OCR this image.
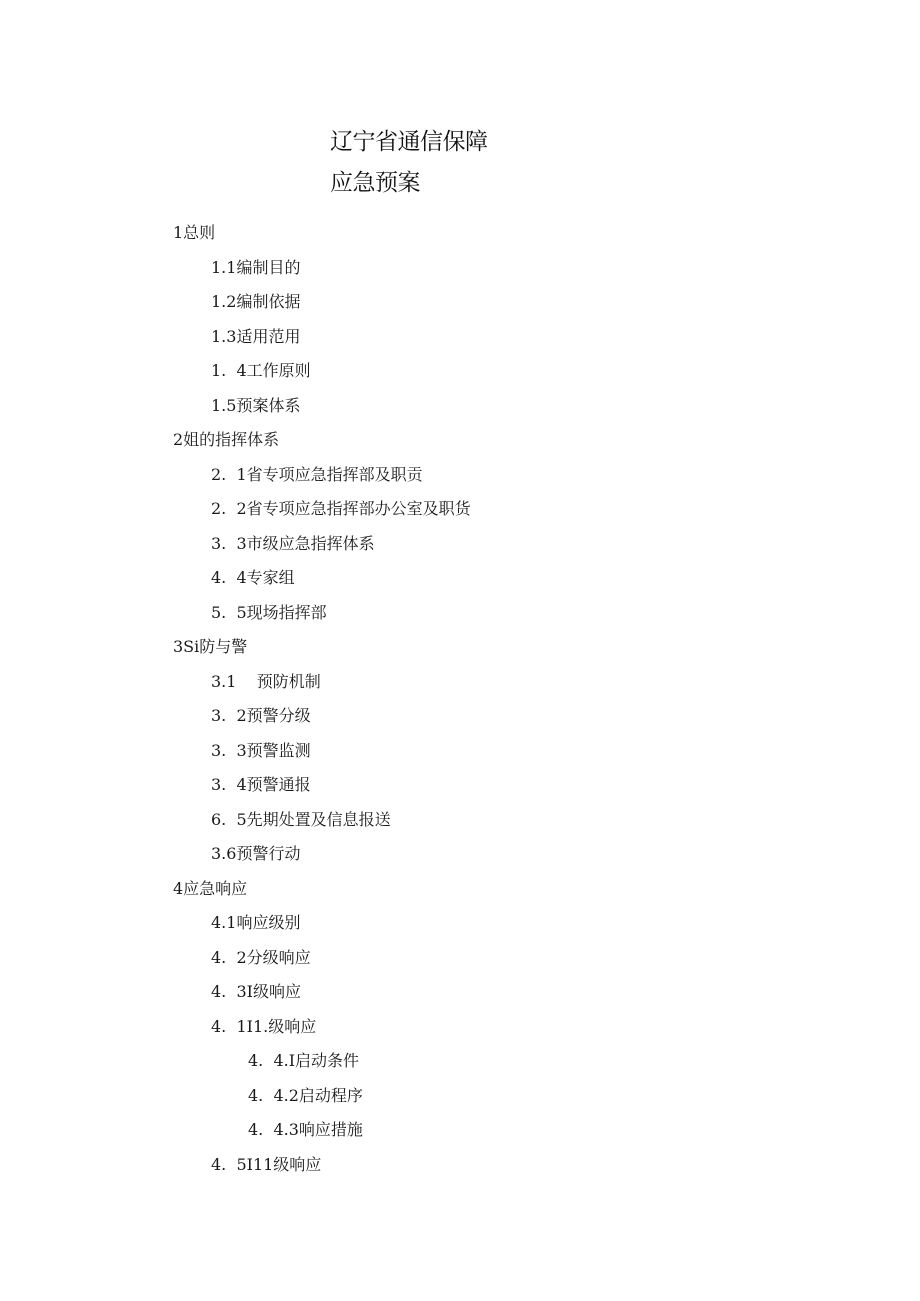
辽宁省通信保障
应急预案
1总则
1.1编制目的
1.2编制依据
1.3适用范用
1.  4工作原则
1.5预案体系
2姐的指挥体系
2.  1省专项应急指挥部及职贡
2.  2省专项应急指挥部办公室及职货
3.  3市级应急指挥体系
4.  4专家组
5.  5现场指挥部
3Si防与警
3.1    预防机制
3.  2预警分级
3.  3预警监测
3.  4预警通报
6.  5先期处置及信息报送
3.6预警行动
4应急响应
4.1响应级别
4.  2分级响应
4.  3I级响应
4.  1I1.级响应
4.  4.I启动条件
4.  4.2启动程序
4.  4.3响应措施
4.  5I11级响应
